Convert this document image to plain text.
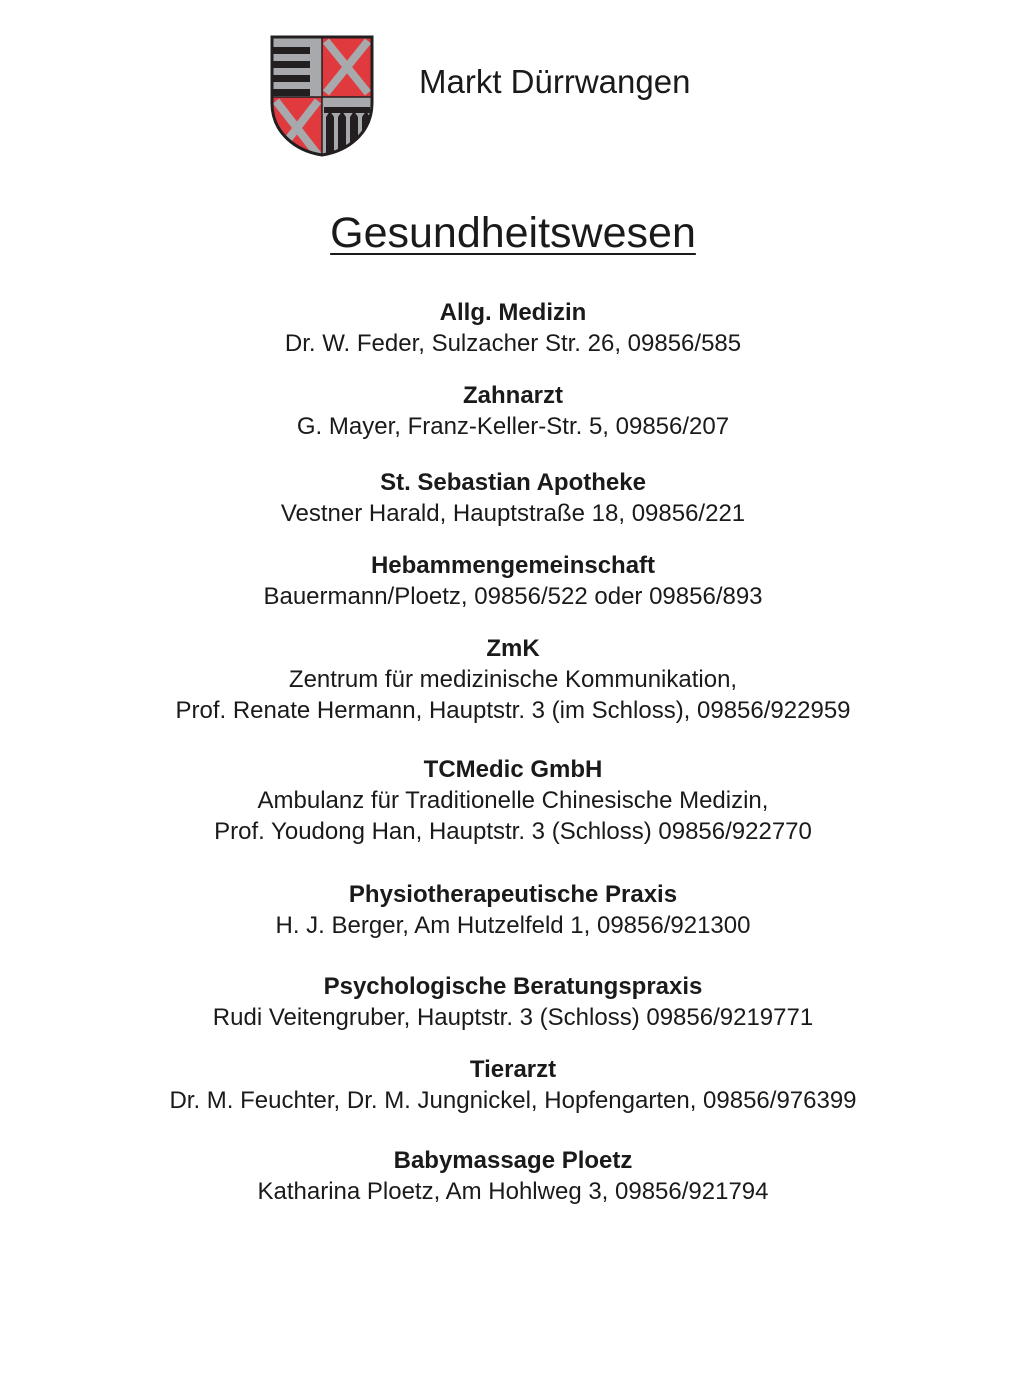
Markt Dürrwangen
Gesundheitswesen
Allg. Medizin
Dr. W. Feder, Sulzacher Str. 26, 09856/585
Zahnarzt
G. Mayer, Franz-Keller-Str. 5, 09856/207
St. Sebastian Apotheke
Vestner Harald, Hauptstraße 18, 09856/221
Hebammengemeinschaft
Bauermann/Ploetz, 09856/522 oder 09856/893
ZmK
Zentrum für medizinische Kommunikation,
Prof. Renate Hermann, Hauptstr. 3 (im Schloss), 09856/922959
TCMedic GmbH
Ambulanz für Traditionelle Chinesische Medizin,
Prof. Youdong Han, Hauptstr. 3 (Schloss) 09856/922770
Physiotherapeutische Praxis
H. J. Berger, Am Hutzelfeld 1, 09856/921300
Psychologische Beratungspraxis
Rudi Veitengruber, Hauptstr. 3 (Schloss) 09856/9219771
Tierarzt
Dr. M. Feuchter, Dr. M. Jungnickel, Hopfengarten, 09856/976399
Babymassage Ploetz
Katharina Ploetz, Am Hohlweg 3, 09856/921794
